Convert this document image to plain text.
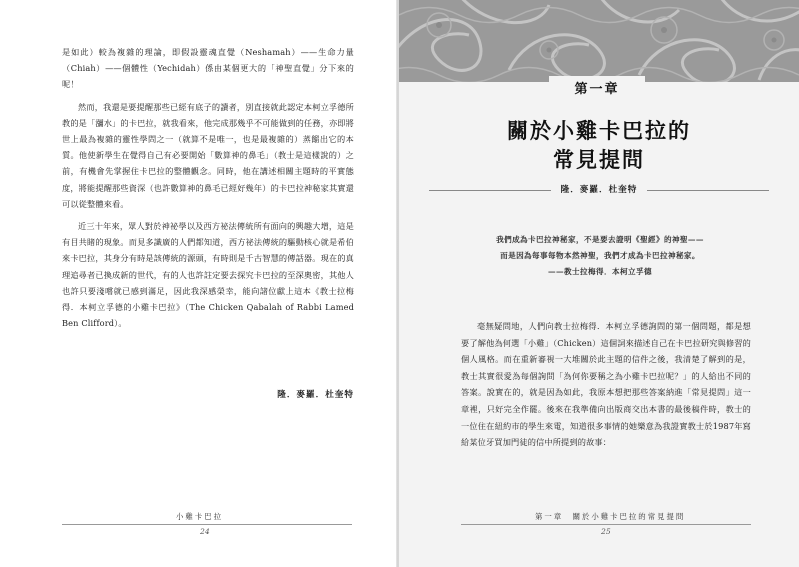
是如此）較為複雜的理論，即假設靈魂直覺（Neshamah）——生命力量（Chiah）——個體性（Yechidah）係由某個更大的「神聖直覺」分下來的呢！

然而，我還是要提醒那些已經有底子的讀者，別直接就此認定本柯立孚德所教的是「瀰水」的卡巴拉，就我看來，他完成那幾乎不可能做到的任務，亦即將世上最為複雜的靈性學問之一（就算不是唯一，也是最複雜的）蒸餾出它的本質。他使新學生在覺得自己有必要開始「數算神的鼻毛」（教士是這樣說的）之前，有機會先掌握住卡巴拉的整體觀念。同時，他在講述相關主題時的平實態度，將能提醒那些資深（也許數算神的鼻毛已經好幾年）的卡巴拉神秘家其實還可以從整體來看。

近三十年來，眾人對於神祕學以及西方祕法傳統所有面向的興趣大增，這是有目共睹的現象。而見多識廣的人們都知道，西方祕法傳統的驅動核心就是希伯來卡巴拉，其身分有時是該傳統的源頭，有時則是千古智慧的傳話器。現在的真理追尋者已換成新的世代，有的人也許註定要去探究卡巴拉的至深奧密，其他人也許只要淺嚐就已感到滿足，因此我深感榮幸，能向諸位獻上這本《教士拉梅得．本柯立孚德的小雞卡巴拉》（The Chicken Qabalah of Rabbi Lamed Ben Clifford）。

隆．麥羅．杜奎特
小雞卡巴拉
24
第一章
關於小雞卡巴拉的
常見提問
隆．麥羅．杜奎特
我們成為卡巴拉神秘家，不是要去證明《聖經》的神聖——
而是因為每事每物本然神聖，我們才成為卡巴拉神秘家。
——教士拉梅得．本柯立孚德

毫無疑問地，人們向教士拉梅得．本柯立孚德詢問的第一個問題，都是想要了解他為何選「小雞」（Chicken）這個詞來描述自己在卡巴拉研究與修習的個人風格。而在重新審視一大堆關於此主題的信件之後，我清楚了解到的是，教士其實很愛為每個詢問「為何你要稱之為小雞卡巴拉呢？」的人給出不同的答案。說實在的，就是因為如此，我原本想把那些答案納進「常見提問」這一章裡，只好完全作罷。後來在我準備向出版商交出本書的最後稿件時，教士的一位住在紐約市的學生來電，知道很多事情的她樂意為我證實教士於1987年寫給某位牙買加門徒的信中所提到的故事：

第一章　關於小雞卡巴拉的常見提問
25
